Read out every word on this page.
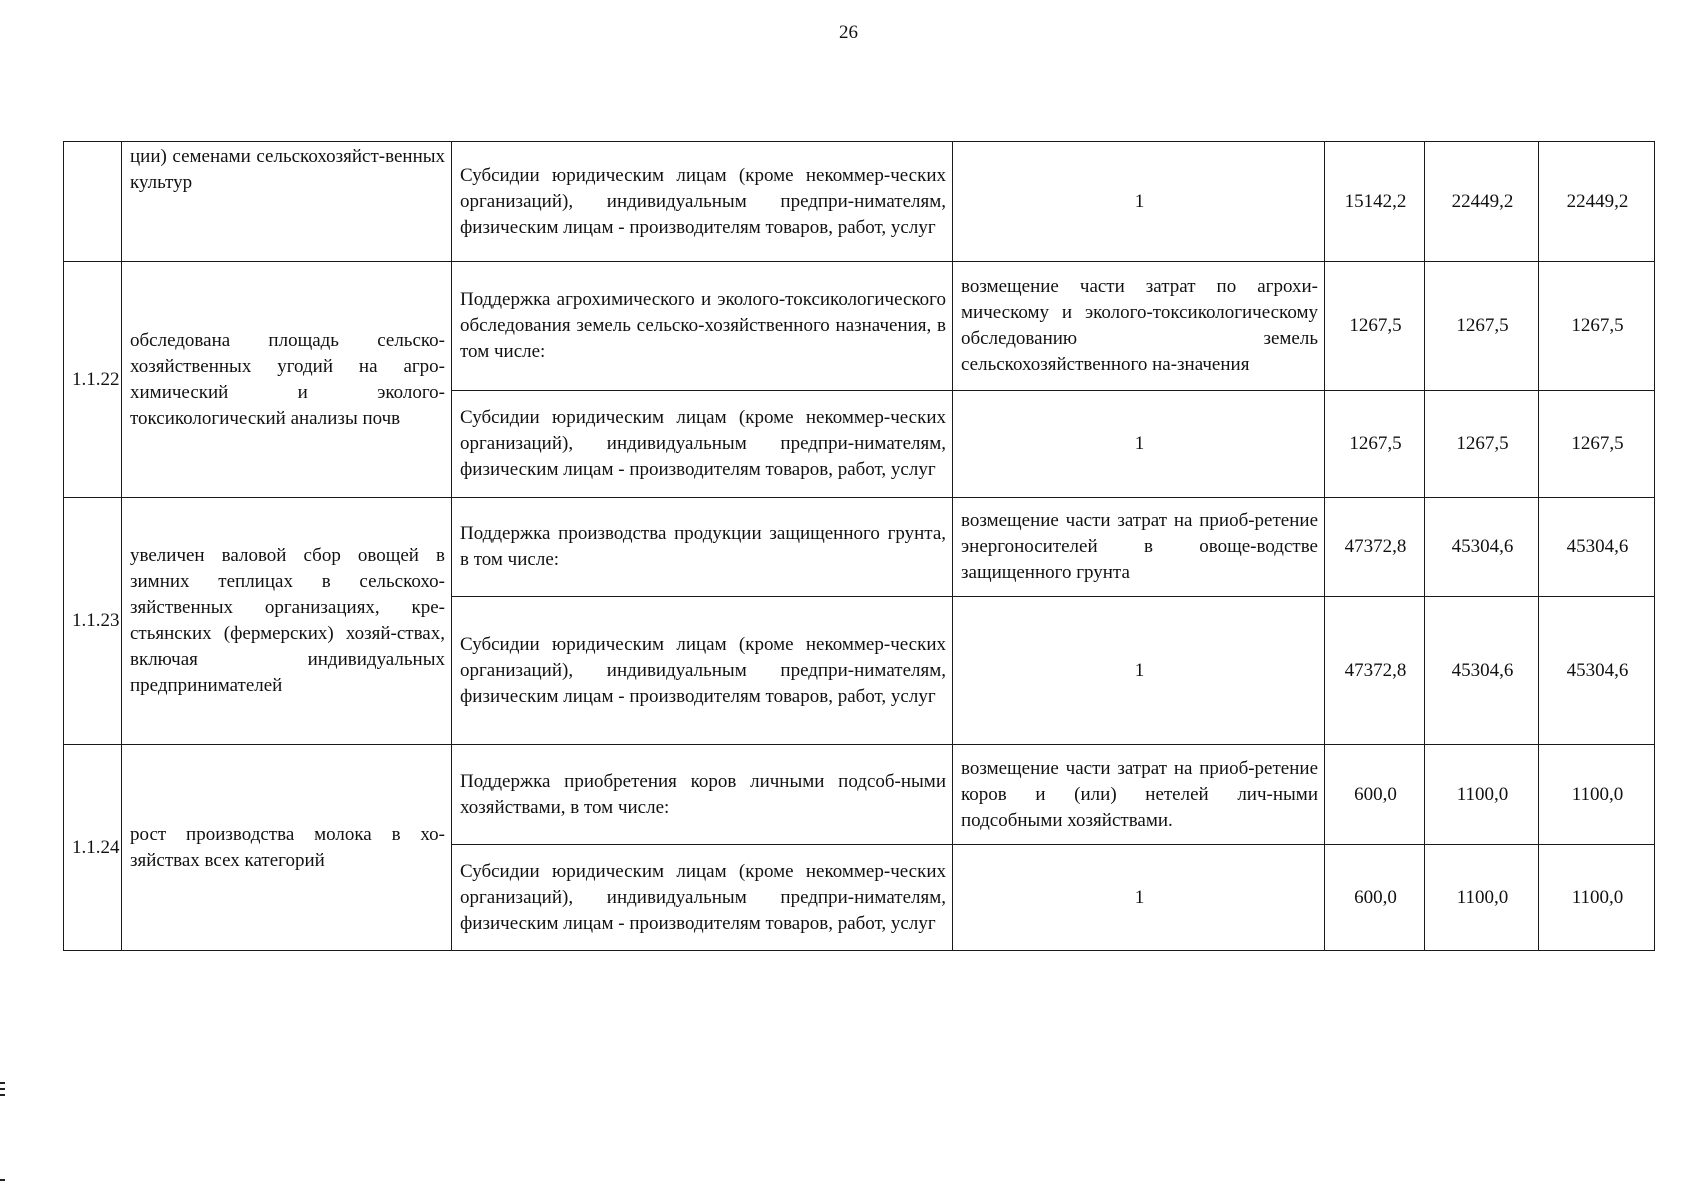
26
	ции) семенами сельскохозяйст-венных культур	Субсидии юридическим лицам (кроме некоммер-ческих организаций), индивидуальным предпри-нимателям, физическим лицам - производителям товаров, работ, услуг	1	15142,2	22449,2	22449,2
1.1.22	обследована площадь сельско-хозяйственных угодий на агро-химический и эколого-токсикологический анализы почв	Поддержка агрохимического и эколого-токсикологического обследования земель сельско-хозяйственного назначения, в том числе:	возмещение части затрат по агрохи-мическому и эколого-токсикологическому обследованию земель сельскохозяйственного на-значения	1267,5	1267,5	1267,5
		Субсидии юридическим лицам (кроме некоммер-ческих организаций), индивидуальным предпри-нимателям, физическим лицам - производителям товаров, работ, услуг	1	1267,5	1267,5	1267,5
1.1.23	увеличен валовой сбор овощей в зимних теплицах в сельскохо-зяйственных организациях, кре-стьянских (фермерских) хозяй-ствах, включая индивидуальных предпринимателей	Поддержка производства продукции защищенного грунта, в том числе:	возмещение части затрат на приоб-ретение энергоносителей в овоще-водстве защищенного грунта	47372,8	45304,6	45304,6
		Субсидии юридическим лицам (кроме некоммер-ческих организаций), индивидуальным предпри-нимателям, физическим лицам - производителям товаров, работ, услуг	1	47372,8	45304,6	45304,6
1.1.24	рост производства молока в хо-зяйствах всех категорий	Поддержка приобретения коров личными подсоб-ными хозяйствами, в том числе:	возмещение части затрат на приоб-ретение коров и (или) нетелей лич-ными подсобными хозяйствами.	600,0	1100,0	1100,0
		Субсидии юридическим лицам (кроме некоммер-ческих организаций), индивидуальным предпри-нимателям, физическим лицам - производителям товаров, работ, услуг	1	600,0	1100,0	1100,0
